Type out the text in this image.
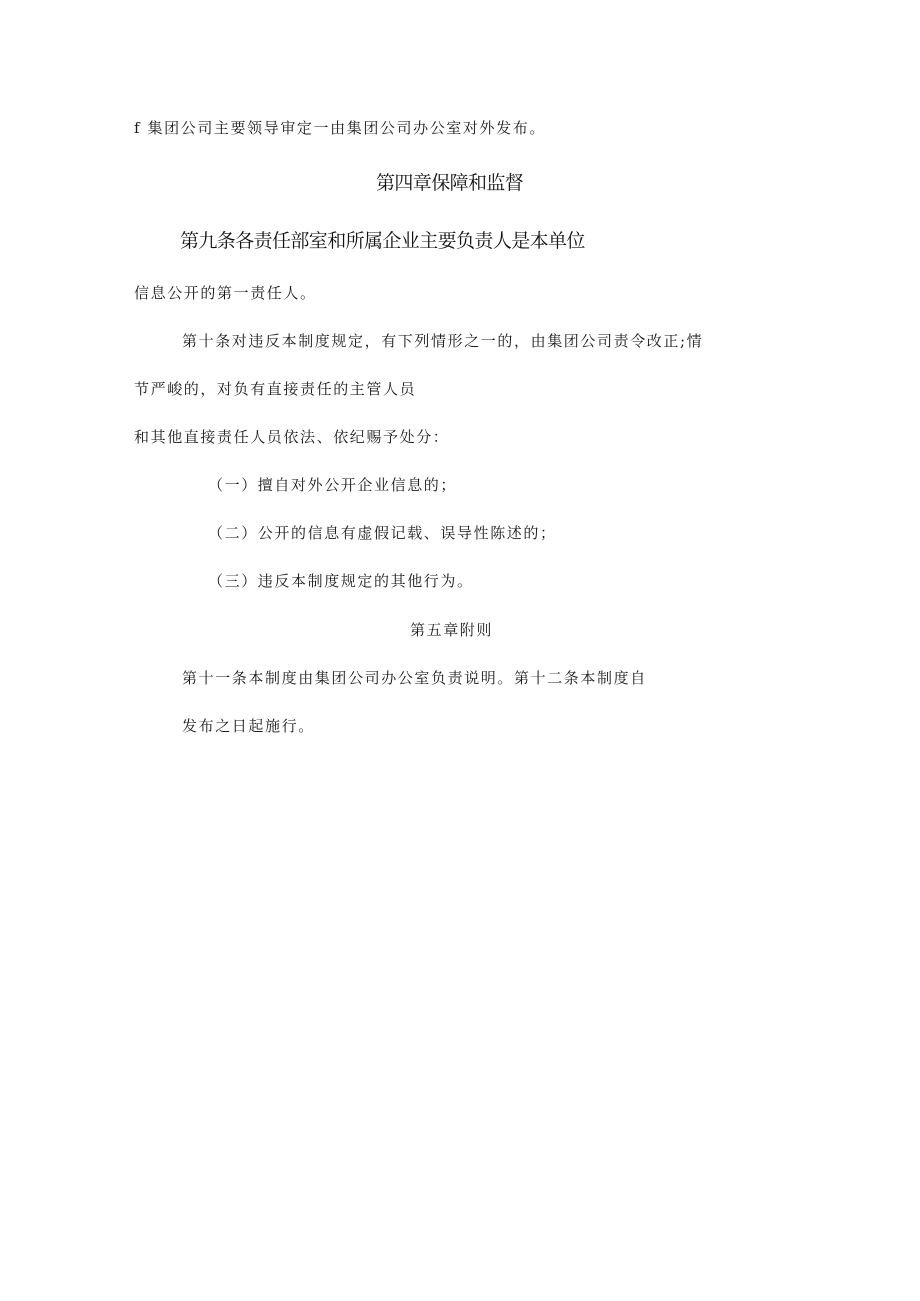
f 集团公司主要领导审定一由集团公司办公室对外发布。
第四章保障和监督
第九条各责任部室和所属企业主要负责人是本单位
信息公开的第一责任人。
第十条对违反本制度规定，有下列情形之一的，由集团公司责令改正;情
节严峻的，对负有直接责任的主管人员
和其他直接责任人员依法、依纪赐予处分：
（一）擅自对外公开企业信息的；
（二）公开的信息有虚假记载、误导性陈述的；
（三）违反本制度规定的其他行为。
第五章附则
第十一条本制度由集团公司办公室负责说明。第十二条本制度自
发布之日起施行。
